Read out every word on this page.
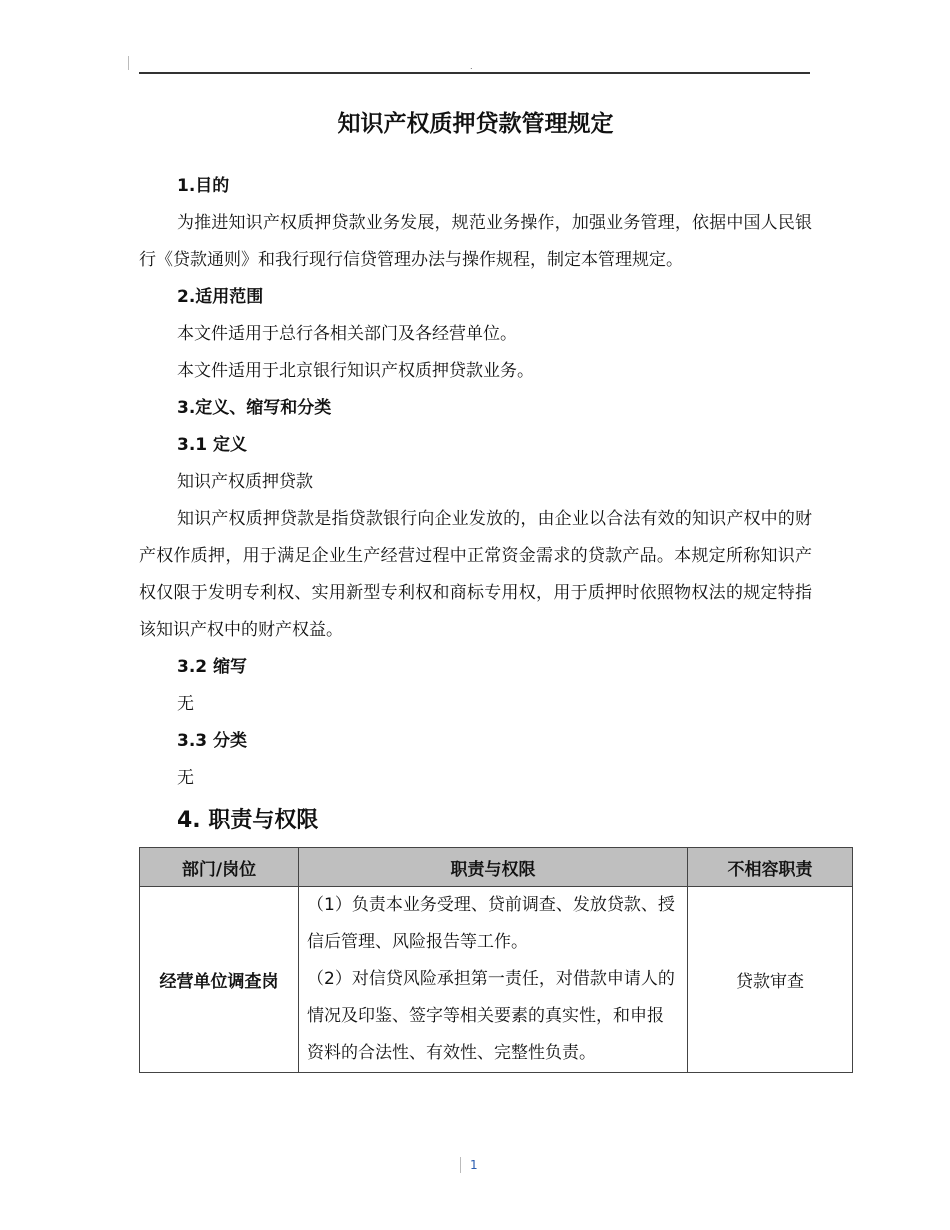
.
知识产权质押贷款管理规定
1.目的
为推进知识产权质押贷款业务发展，规范业务操作，加强业务管理，依据中国人民银行《贷款通则》和我行现行信贷管理办法与操作规程，制定本管理规定。
2.适用范围
本文件适用于总行各相关部门及各经营单位。
本文件适用于北京银行知识产权质押贷款业务。
3.定义、缩写和分类
3.1 定义
知识产权质押贷款
知识产权质押贷款是指贷款银行向企业发放的，由企业以合法有效的知识产权中的财产权作质押，用于满足企业生产经营过程中正常资金需求的贷款产品。本规定所称知识产权仅限于发明专利权、实用新型专利权和商标专用权，用于质押时依照物权法的规定特指该知识产权中的财产权益。
3.2 缩写
无
3.3 分类
无
4. 职责与权限
部门/岗位	职责与权限	不相容职责
经营单位调查岗	（1）负责本业务受理、贷前调查、发放贷款、授信后管理、风险报告等工作。
（2）对信贷风险承担第一责任，对借款申请人的情况及印鉴、签字等相关要素的真实性，和申报资料的合法性、有效性、完整性负责。	贷款审查
1
